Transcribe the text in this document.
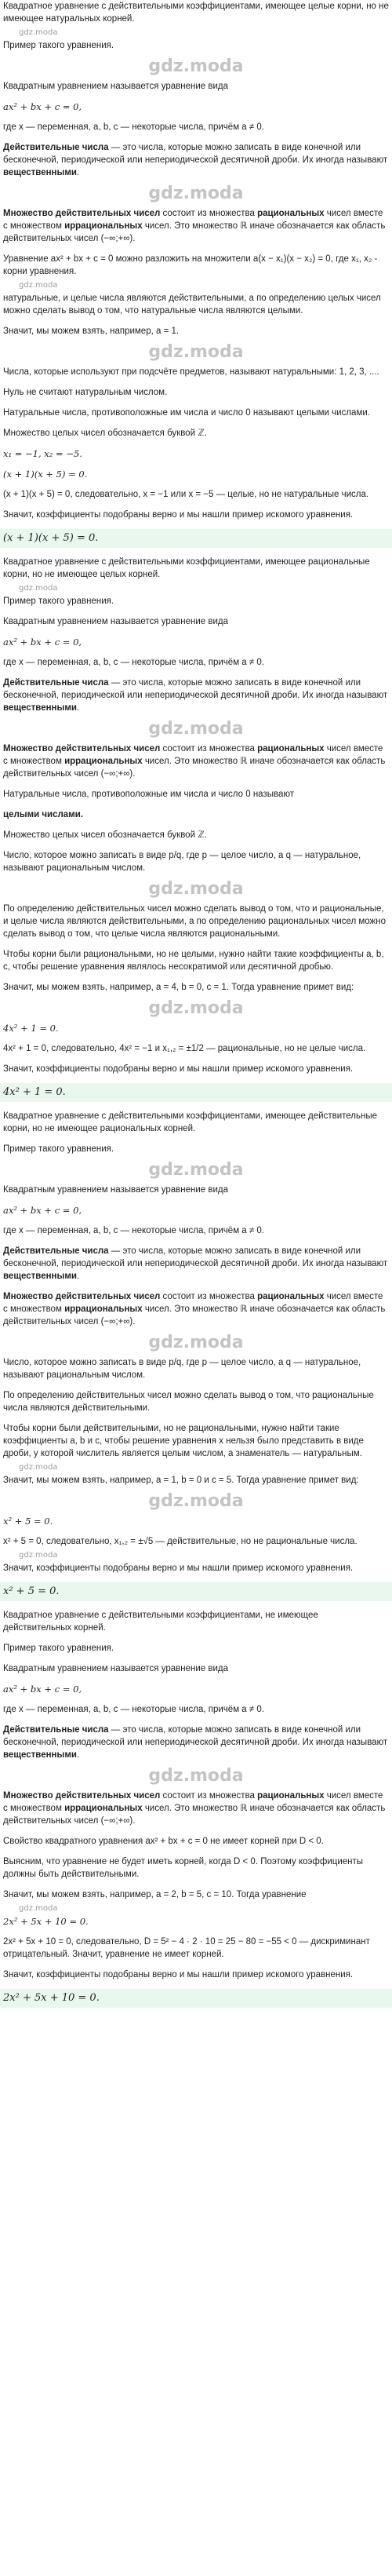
Квадратное уравнение с действительными коэффициентами, имеющее целые корни, но не имеющее натуральных корней.
gdz.moda
Пример такого уравнения.
gdz.moda
Квадратным уравнением называется уравнение вида
ax² + bx + c = 0,
где x — переменная, a, b, c — некоторые числа, причём a ≠ 0.
Действительные числа — это числа, которые можно записать в виде конечной или бесконечной, периодической или непериодической десятичной дроби. Их иногда называют вещественными.
gdz.moda
Множество действительных чисел состоит из множества рациональных чисел вместе с множеством иррациональных чисел. Это множество ℝ иначе обозначается как область действительных чисел (−∞;+∞).
Уравнение ax² + bx + c = 0 можно разложить на множители a(x − x₁)(x − x₂) = 0, где x₁, x₂ - корни уравнения.
gdz.moda
натуральные, и целые числа являются действительными, а по определению целых чисел можно сделать вывод о том, что натуральные числа являются целыми.
Значит, мы можем взять, например, a = 1.
gdz.moda
Числа, которые используют при подсчёте предметов, называют натуральными: 1, 2, 3, ....
Нуль не считают натуральным числом.
Натуральные числа, противоположные им числа и число 0 называют целыми числами.
Множество целых чисел обозначается буквой ℤ.
x₁ = −1, x₂ = −5.
(x + 1)(x + 5) = 0.
(x + 1)(x + 5) = 0, следовательно, x = −1 или x = −5 — целые, но не натуральные числа.
Значит, коэффициенты подобраны верно и мы нашли пример искомого уравнения.
(x + 1)(x + 5) = 0.
Квадратное уравнение с действительными коэффициентами, имеющее рациональные корни, но не имеющее целых корней.
gdz.moda
Пример такого уравнения.
Квадратным уравнением называется уравнение вида
ax² + bx + c = 0,
где x — переменная, a, b, c — некоторые числа, причём a ≠ 0.
Действительные числа — это числа, которые можно записать в виде конечной или бесконечной, периодической или непериодической десятичной дроби. Их иногда называют вещественными.
gdz.moda
Множество действительных чисел состоит из множества рациональных чисел вместе с множеством иррациональных чисел. Это множество ℝ иначе обозначается как область действительных чисел (−∞;+∞).
Натуральные числа, противоположные им числа и число 0 называют
целыми числами.
Множество целых чисел обозначается буквой ℤ.
Число, которое можно записать в виде p/q, где p — целое число, а q — натуральное, называют рациональным числом.
gdz.moda
По определению действительных чисел можно сделать вывод о том, что и рациональные, и целые числа являются действительными, а по определению рациональных чисел можно сделать вывод о том, что целые числа являются рациональными.
Чтобы корни были рациональными, но не целыми, нужно найти такие коэффициенты a, b, c, чтобы решение уравнения являлось несократимой или десятичной дробью.
Значит, мы можем взять, например, a = 4, b = 0, c = 1. Тогда уравнение примет вид:
gdz.moda
4x² + 1 = 0.
4x² + 1 = 0, следовательно, 4x² = −1 и x₁,₂ = ±1/2 — рациональные, но не целые числа.
Значит, коэффициенты подобраны верно и мы нашли пример искомого уравнения.
4x² + 1 = 0.
Квадратное уравнение с действительными коэффициентами, имеющее действительные корни, но не имеющее рациональных корней.
Пример такого уравнения.
gdz.moda
Квадратным уравнением называется уравнение вида
ax² + bx + c = 0,
где x — переменная, a, b, c — некоторые числа, причём a ≠ 0.
Действительные числа — это числа, которые можно записать в виде конечной или бесконечной, периодической или непериодической десятичной дроби. Их иногда называют вещественными.
Множество действительных чисел состоит из множества рациональных чисел вместе с множеством иррациональных чисел. Это множество ℝ иначе обозначается как область действительных чисел (−∞;+∞).
gdz.moda
Число, которое можно записать в виде p/q, где p — целое число, а q — натуральное, называют рациональным числом.
По определению действительных чисел можно сделать вывод о том, что рациональные числа являются действительными.
Чтобы корни были действительными, но не рациональными, нужно найти такие коэффициенты a, b и c, чтобы решение уравнения x нельзя было представить в виде дроби, у которой числитель является целым числом, а знаменатель — натуральным.
gdz.moda
Значит, мы можем взять, например, a = 1, b = 0 и c = 5. Тогда уравнение примет вид:
gdz.moda
x² + 5 = 0.
x² + 5 = 0, следовательно, x₁,₂ = ±√5 — действительные, но не рациональные числа.
gdz.moda
Значит, коэффициенты подобраны верно и мы нашли пример искомого уравнения.
x² + 5 = 0.
Квадратное уравнение с действительными коэффициентами, не имеющее действительных корней.
Пример такого уравнения.
Квадратным уравнением называется уравнение вида
ax² + bx + c = 0,
где x — переменная, a, b, c — некоторые числа, причём a ≠ 0.
Действительные числа — это числа, которые можно записать в виде конечной или бесконечной, периодической или непериодической десятичной дроби. Их иногда называют вещественными.
gdz.moda
Множество действительных чисел состоит из множества рациональных чисел вместе с множеством иррациональных чисел. Это множество ℝ иначе обозначается как область действительных чисел (−∞;+∞).
Свойство квадратного уравнения ax² + bx + c = 0 не имеет корней при D < 0.
Выясним, что уравнение не будет иметь корней, когда D < 0. Поэтому коэффициенты должны быть действительными.
Значит, мы можем взять, например, a = 2, b = 5, c = 10. Тогда уравнение
gdz.moda
2x² + 5x + 10 = 0.
2x² + 5x + 10 = 0, следовательно, D = 5² − 4 · 2 · 10 = 25 − 80 = −55 < 0 — дискриминант отрицательный. Значит, уравнение не имеет корней.
Значит, коэффициенты подобраны верно и мы нашли пример искомого уравнения.
2x² + 5x + 10 = 0.
